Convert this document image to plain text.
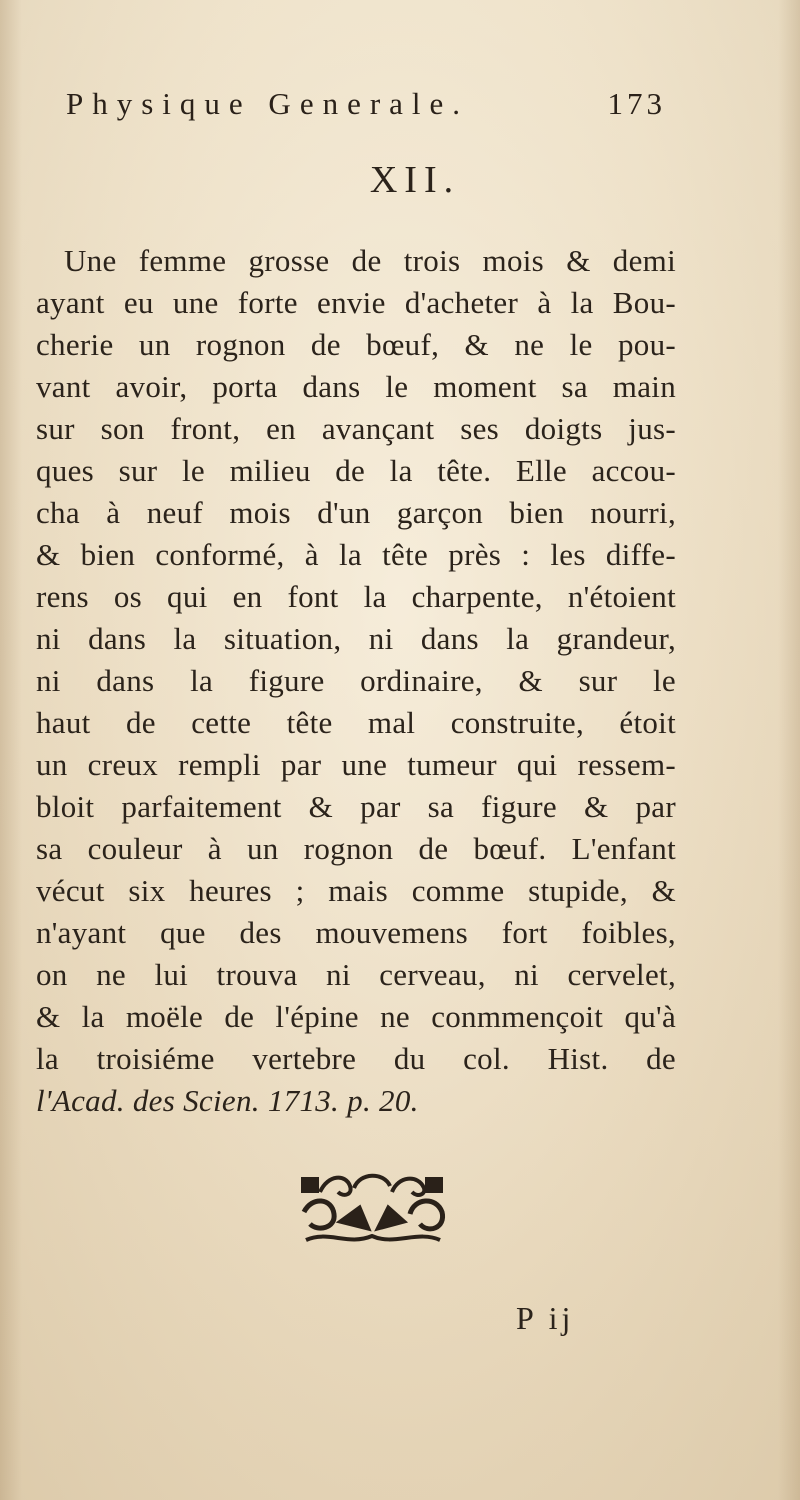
Physique Generale.	173
XII.
Une femme grosse de trois mois & demi
ayant eu une forte envie d'acheter à la Bou-
cherie un rognon de bœuf, & ne le pou-
vant avoir, porta dans le moment sa main
sur son front, en avançant ses doigts jus-
ques sur le milieu de la tête. Elle accou-
cha à neuf mois d'un garçon bien nourri,
& bien conformé, à la tête près : les diffe-
rens os qui en font la charpente, n'étoient
ni dans la situation, ni dans la grandeur,
ni dans la figure ordinaire, & sur le
haut de cette tête mal construite, étoit
un creux rempli par une tumeur qui ressem-
bloit parfaitement & par sa figure & par
sa couleur à un rognon de bœuf. L'enfant
vécut six heures ; mais comme stupide, &
n'ayant que des mouvemens fort foibles,
on ne lui trouva ni cerveau, ni cervelet,
& la moële de l'épine ne conmmençoit qu'à
la troisiéme vertebre du col. Hist. de
l'Acad. des Scien. 1713. p. 20.
P ij
